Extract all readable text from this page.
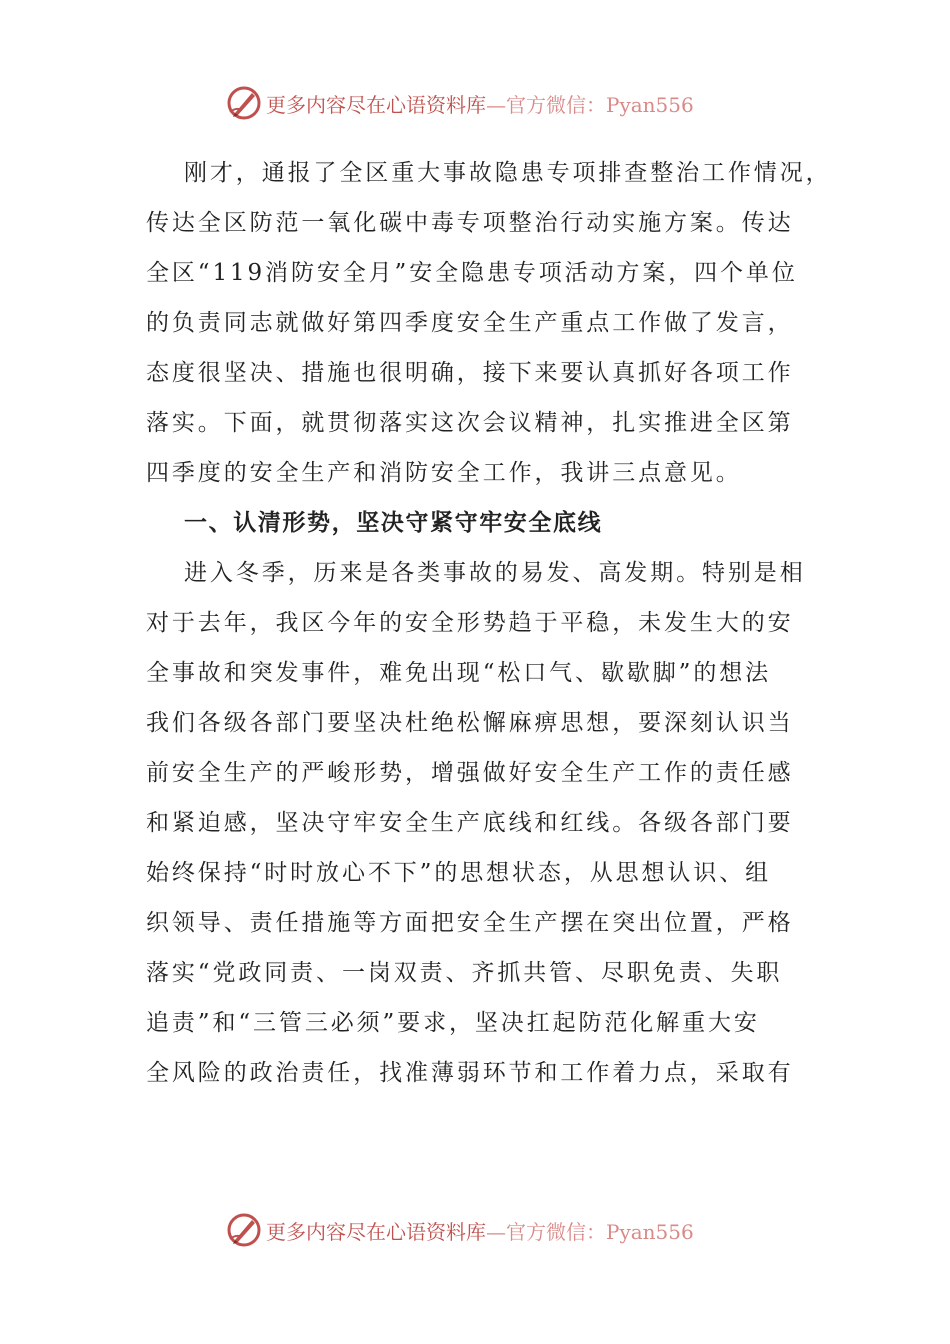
更多内容尽在心语资料库—官方微信：Pyan556
刚才，通报了全区重大事故隐患专项排查整治工作情况，
传达全区防范一氧化碳中毒专项整治行动实施方案。传达
全区“119消防安全月”安全隐患专项活动方案，四个单位
的负责同志就做好第四季度安全生产重点工作做了发言，
态度很坚决、措施也很明确，接下来要认真抓好各项工作
落实。下面，就贯彻落实这次会议精神，扎实推进全区第
四季度的安全生产和消防安全工作，我讲三点意见。
一、认清形势，坚决守紧守牢安全底线
进入冬季，历来是各类事故的易发、高发期。特别是相
对于去年，我区今年的安全形势趋于平稳，未发生大的安
全事故和突发事件，难免出现“松口气、歇歇脚”的想法
我们各级各部门要坚决杜绝松懈麻痹思想，要深刻认识当
前安全生产的严峻形势，增强做好安全生产工作的责任感
和紧迫感，坚决守牢安全生产底线和红线。各级各部门要
始终保持“时时放心不下”的思想状态，从思想认识、组
织领导、责任措施等方面把安全生产摆在突出位置，严格
落实“党政同责、一岗双责、齐抓共管、尽职免责、失职
追责”和“三管三必须”要求，坚决扛起防范化解重大安
全风险的政治责任，找准薄弱环节和工作着力点，采取有
更多内容尽在心语资料库—官方微信：Pyan556
